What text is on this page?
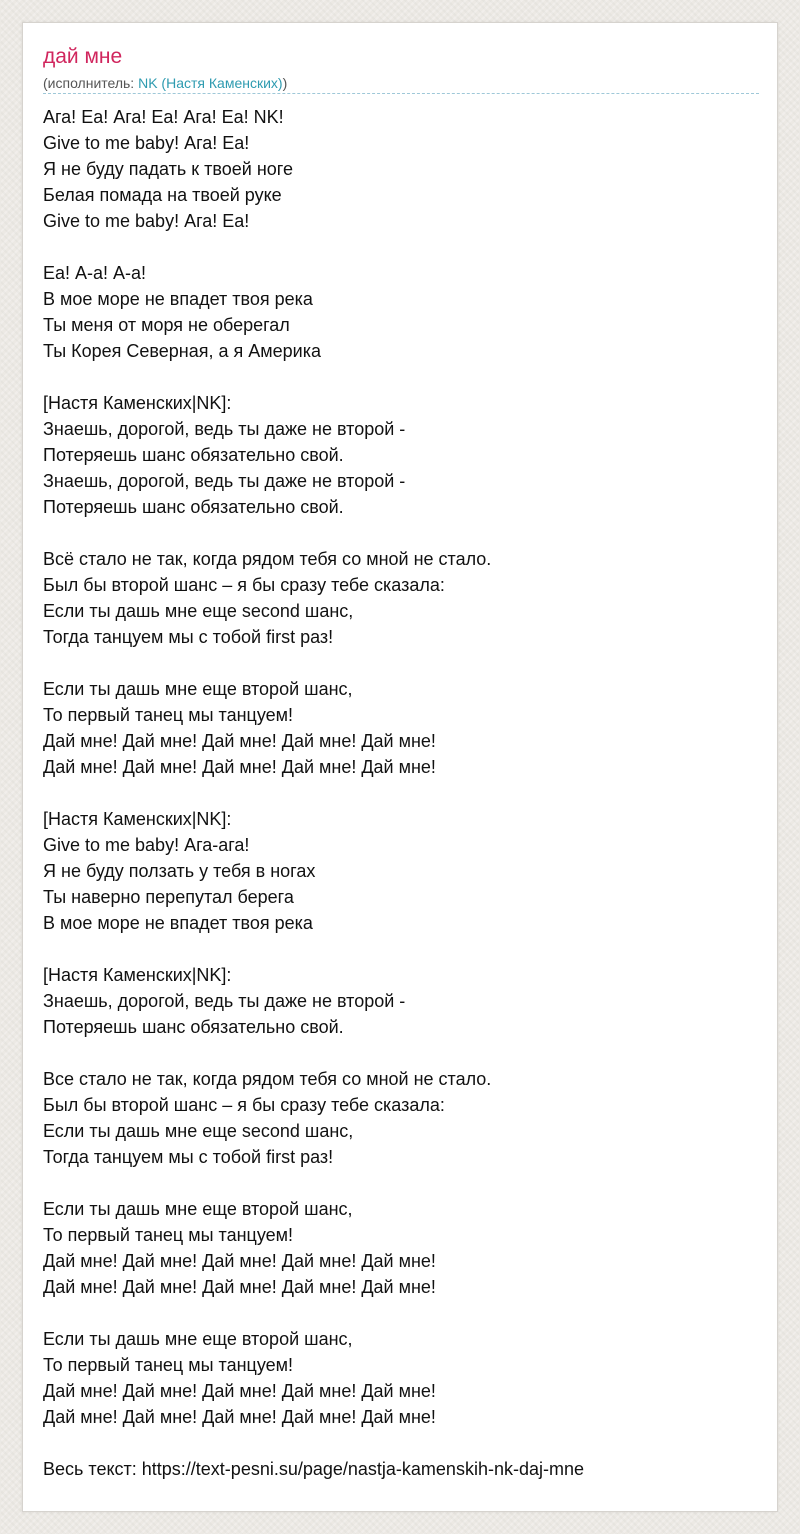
дай мне
(исполнитель: NK (Настя Каменских))
Ага! Еа! Ага! Еа! Ага! Еа! NK!
Give to me baby! Ага! Еа!
Я не буду падать к твоей ноге
Белая помада на твоей руке
Give to me baby! Ага! Еа!
Еа! А-а! А-а!
В мое море не впадет твоя река
Ты меня от моря не оберегал
Ты Корея Северная, а я Америка
[Настя Каменских|NK]:
Знаешь, дорогой, ведь ты даже не второй -
Потеряешь шанс обязательно свой.
Знаешь, дорогой, ведь ты даже не второй -
Потеряешь шанс обязательно свой.
Всё стало не так, когда рядом тебя со мной не стало.
Был бы второй шанс – я бы сразу тебе сказала:
Если ты дашь мне еще second шанс,
Тогда танцуем мы с тобой first раз!
Если ты дашь мне еще второй шанс,
То первый танец мы танцуем!
Дай мне! Дай мне! Дай мне! Дай мне! Дай мне!
Дай мне! Дай мне! Дай мне! Дай мне! Дай мне!
[Настя Каменских|NK]:
Give to me baby! Ага-ага!
Я не буду ползать у тебя в ногах
Ты наверно перепутал берега
В мое море не впадет твоя река
[Настя Каменских|NK]:
Знаешь, дорогой, ведь ты даже не второй -
Потеряешь шанс обязательно свой.
Все стало не так, когда рядом тебя со мной не стало.
Был бы второй шанс – я бы сразу тебе сказала:
Если ты дашь мне еще second шанс,
Тогда танцуем мы с тобой first раз!
Если ты дашь мне еще второй шанс,
То первый танец мы танцуем!
Дай мне! Дай мне! Дай мне! Дай мне! Дай мне!
Дай мне! Дай мне! Дай мне! Дай мне! Дай мне!
Если ты дашь мне еще второй шанс,
То первый танец мы танцуем!
Дай мне! Дай мне! Дай мне! Дай мне! Дай мне!
Дай мне! Дай мне! Дай мне! Дай мне! Дай мне!
Весь текст: https://text-pesni.su/page/nastja-kamenskih-nk-daj-mne
